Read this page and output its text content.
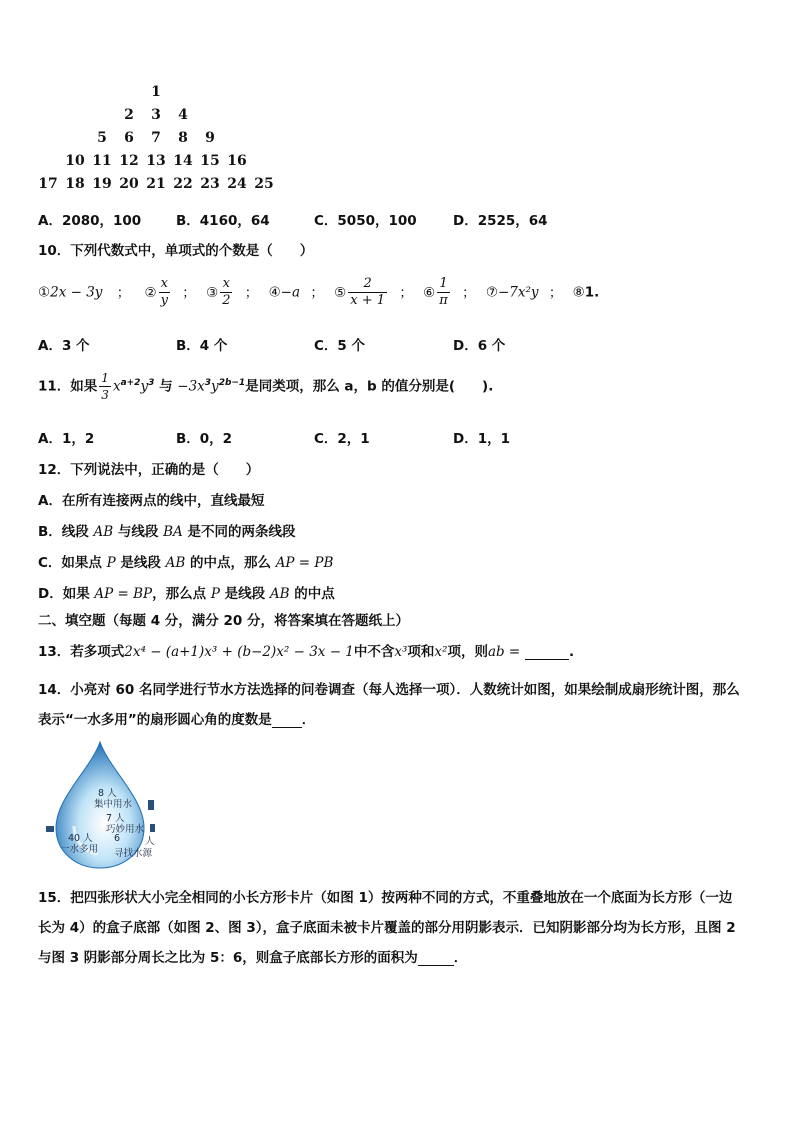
1
2	3	4
5	6	7	8	9
10 11 12 13 14 15 16
17 18 19 20 21 22 23 24 25
A．2080，100	B．4160，64	C．5050，100	D．2525，64
10．下列代数式中，单项式的个数是（　　）
①2x − 3y ； ② $\frac{x}{y}$ ； ③ $\frac{x}{2}$ ； ④−a ； ⑤ $\frac{2}{x + 1}$ ； ⑥ $\frac{1}{\pi}$ ； ⑦−7x²y ； ⑧1.
A．3 个	B．4 个	C．5 个	D．6 个
11．如果 $\frac{1}{3} x^{a+2}y^3$ 与 $-3x^3y^{2b-1}$是同类项，那么 a，b 的值分别是(　　).
A．1，2	B．0，2	C．2，1	D．1，1
12．下列说法中，正确的是（　　）
A．在所有连接两点的线中，直线最短
B．线段 AB 与线段 BA 是不同的两条线段
C．如果点 P 是线段 AB 的中点，那么 AP = PB
D．如果 AP = BP，那么点 P 是线段 AB 的中点
二、填空题（每题 4 分，满分 20 分，将答案填在答题纸上）
13．若多项式2x⁴ − (a+1)x³ + (b−2)x² − 3x − 1中不含x³项和x²项，则ab =	.
14．小亮对 60 名同学进行节水方法选择的问卷调查（每人选择一项）．人数统计如图，如果绘制成扇形统计图，那么
表示“一水多用”的扇形圆心角的度数是 ．
8 人
集中用水
7 人
巧妙用水
40 人 6	人
一水多用 寻找水源
15．把四张形状大小完全相同的小长方形卡片（如图 1）按两种不同的方式，不重叠地放在一个底面为长方形（一边
长为 4）的盒子底部（如图 2、图 3），盒子底面未被卡片覆盖的部分用阴影表示．已知阴影部分均为长方形，且图 2
与图 3 阴影部分周长之比为 5：6，则盒子底部长方形的面积为	．
